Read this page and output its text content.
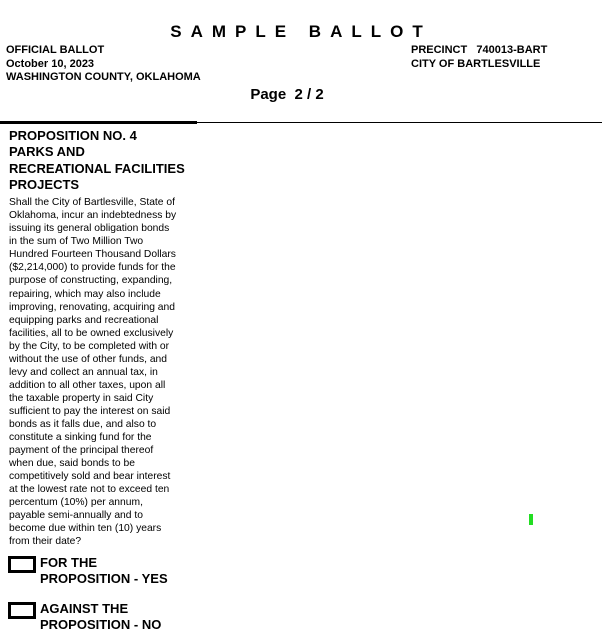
SAMPLE BALLOT
OFFICIAL BALLOT
October 10, 2023
WASHINGTON COUNTY, OKLAHOMA
PRECINCT   740013-BART
CITY OF BARTLESVILLE
Page  2 / 2
PROPOSITION NO. 4
PARKS AND
RECREATIONAL FACILITIES
PROJECTS
Shall the City of Bartlesville, State of
Oklahoma, incur an indebtedness by
issuing its general obligation bonds
in the sum of Two Million Two
Hundred Fourteen Thousand Dollars
($2,214,000) to provide funds for the
purpose of constructing, expanding,
repairing, which may also include
improving, renovating, acquiring and
equipping parks and recreational
facilities, all to be owned exclusively
by the City, to be completed with or
without the use of other funds, and
levy and collect an annual tax, in
addition to all other taxes, upon all
the taxable property in said City
sufficient to pay the interest on said
bonds as it falls due, and also to
constitute a sinking fund for the
payment of the principal thereof
when due, said bonds to be
competitively sold and bear interest
at the lowest rate not to exceed ten
percentum (10%) per annum,
payable semi-annually and to
become due within ten (10) years
from their date?
FOR THE
PROPOSITION - YES
AGAINST THE
PROPOSITION - NO
